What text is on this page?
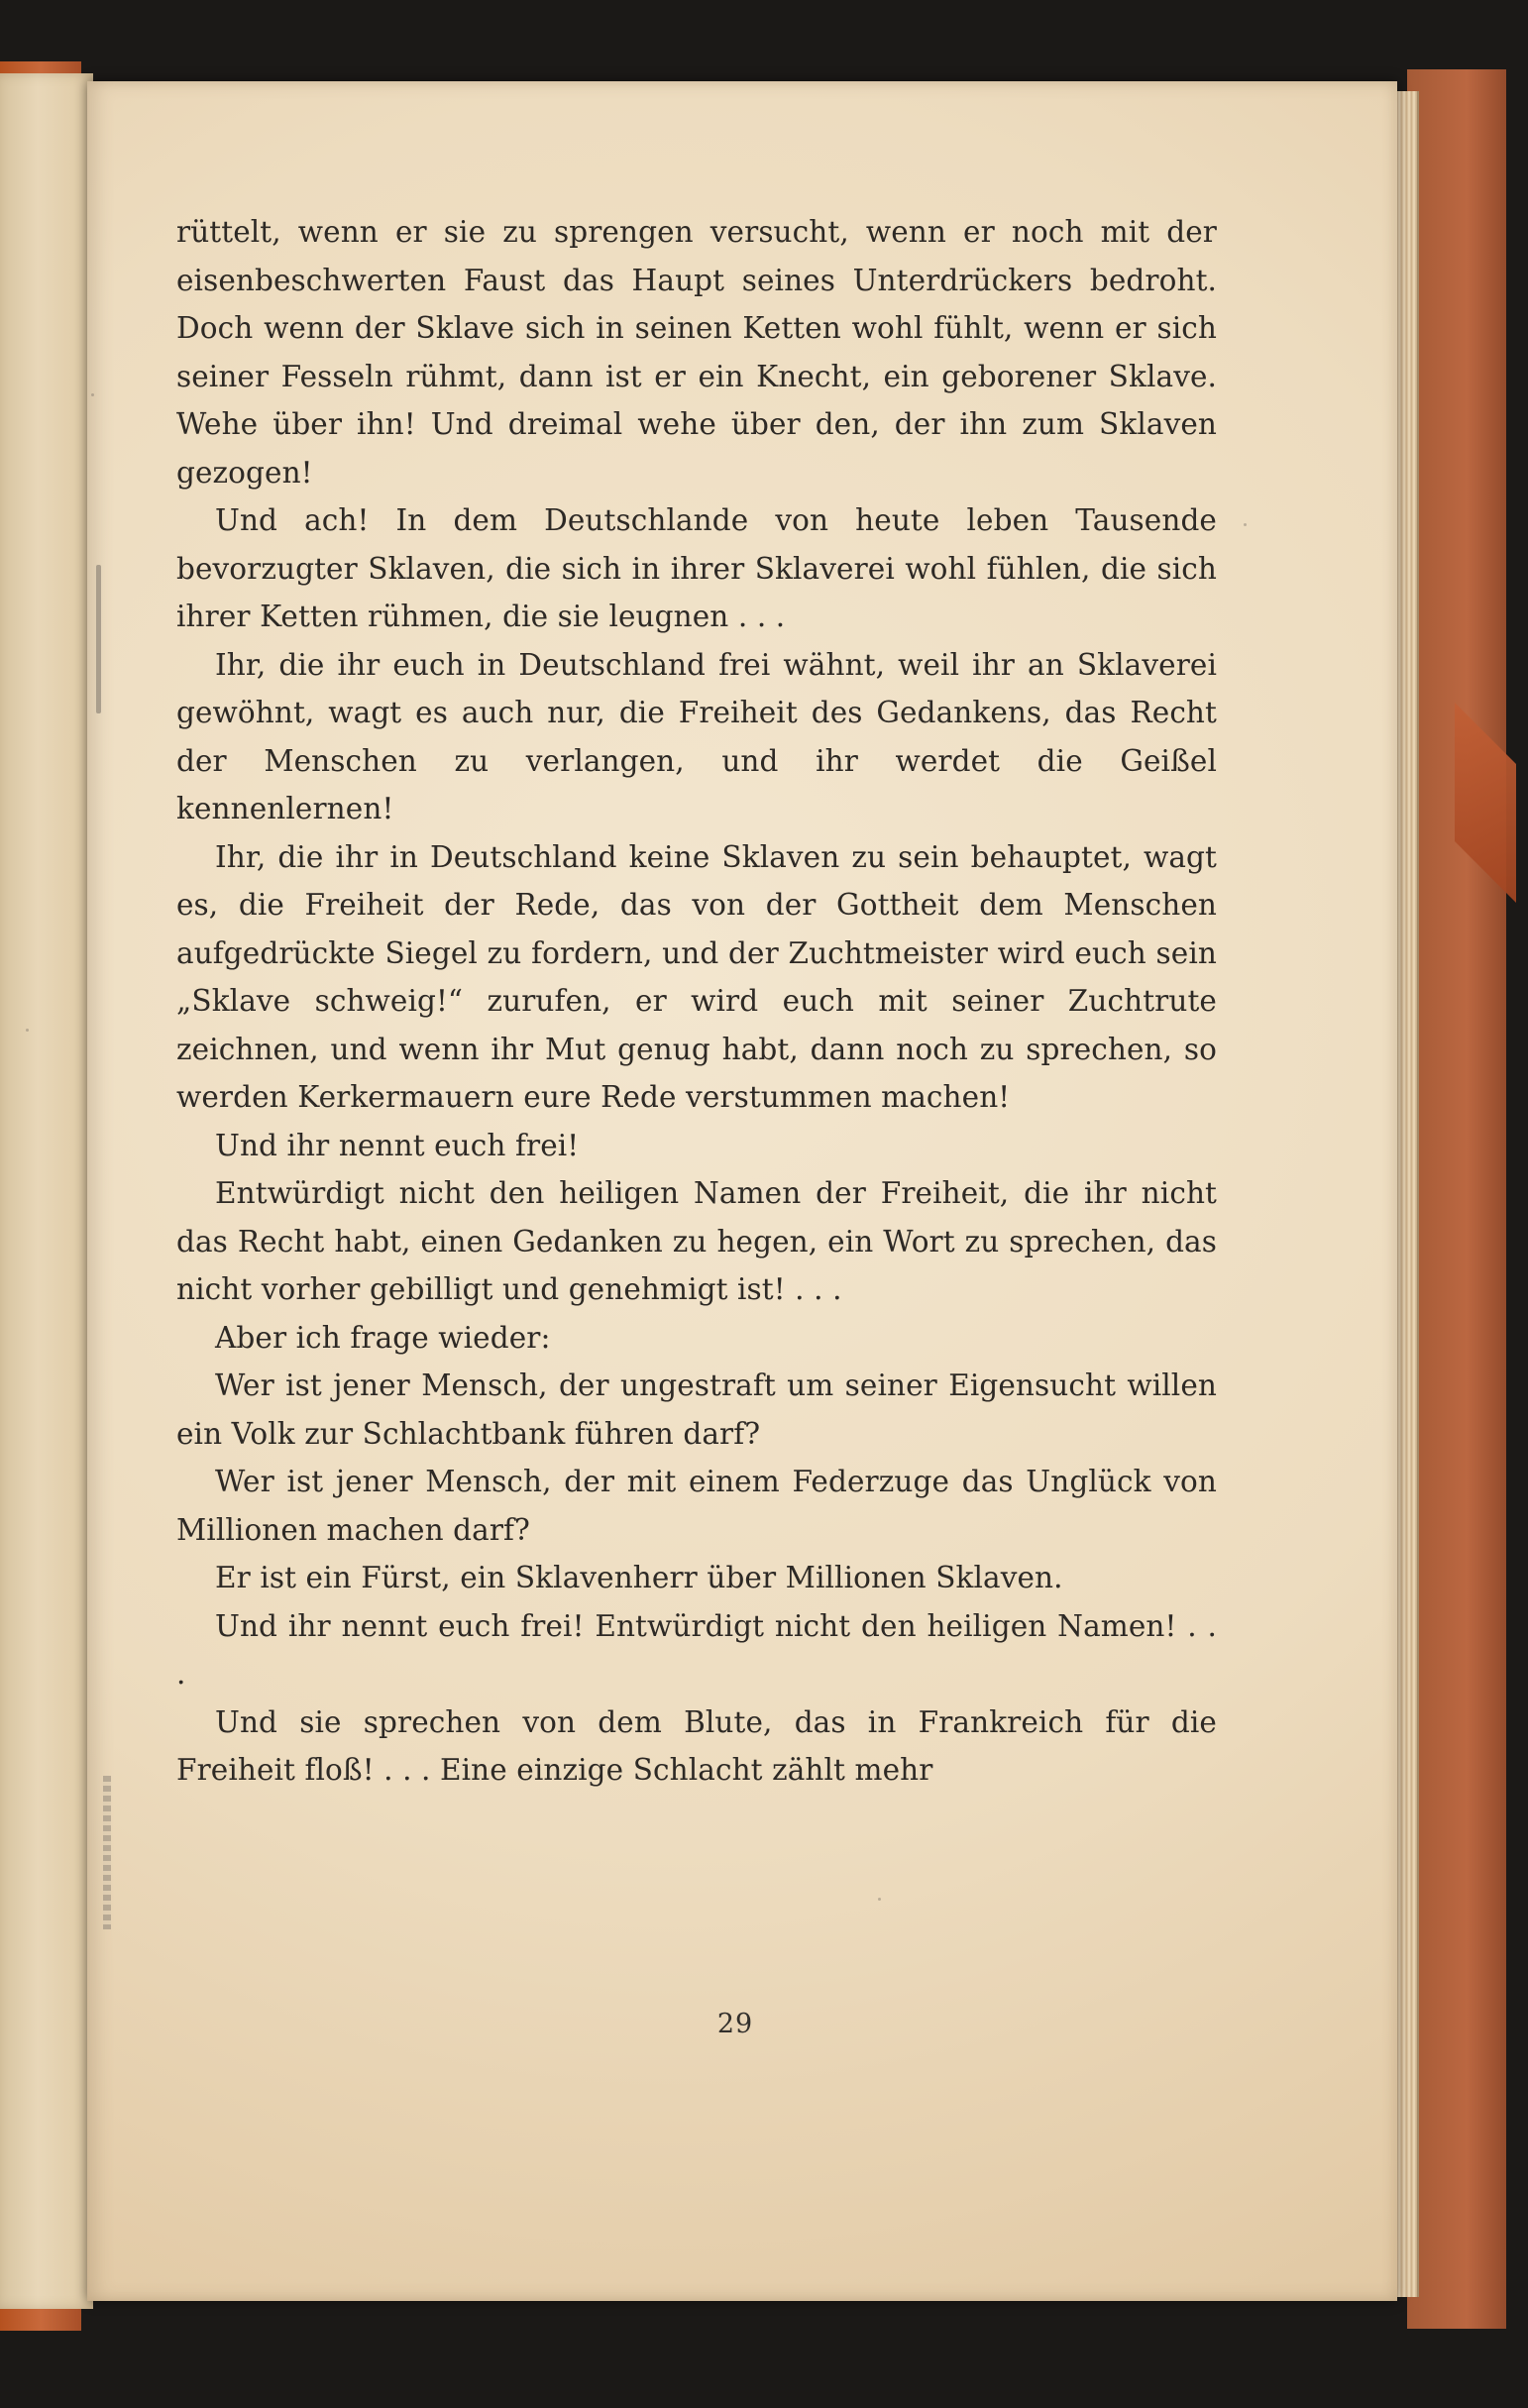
rüttelt, wenn er sie zu sprengen versucht, wenn er noch mit der eisenbeschwerten Faust das Haupt seines Unterdrückers bedroht. Doch wenn der Sklave sich in seinen Ketten wohl fühlt, wenn er sich seiner Fesseln rühmt, dann ist er ein Knecht, ein geborener Sklave. Wehe über ihn! Und dreimal wehe über den, der ihn zum Sklaven gezogen!

Und ach! In dem Deutschlande von heute leben Tausende bevorzugter Sklaven, die sich in ihrer Sklaverei wohl fühlen, die sich ihrer Ketten rühmen, die sie leugnen . . .

Ihr, die ihr euch in Deutschland frei wähnt, weil ihr an Sklaverei gewöhnt, wagt es auch nur, die Freiheit des Gedankens, das Recht der Menschen zu verlangen, und ihr werdet die Geißel kennenlernen!

Ihr, die ihr in Deutschland keine Sklaven zu sein behauptet, wagt es, die Freiheit der Rede, das von der Gottheit dem Menschen aufgedrückte Siegel zu fordern, und der Zuchtmeister wird euch sein „Sklave schweig!“ zurufen, er wird euch mit seiner Zuchtrute zeichnen, und wenn ihr Mut genug habt, dann noch zu sprechen, so werden Kerkermauern eure Rede verstummen machen!

Und ihr nennt euch frei!

Entwürdigt nicht den heiligen Namen der Freiheit, die ihr nicht das Recht habt, einen Gedanken zu hegen, ein Wort zu sprechen, das nicht vorher gebilligt und genehmigt ist! . . .

Aber ich frage wieder:

Wer ist jener Mensch, der ungestraft um seiner Eigensucht willen ein Volk zur Schlachtbank führen darf?

Wer ist jener Mensch, der mit einem Federzuge das Unglück von Millionen machen darf?

Er ist ein Fürst, ein Sklavenherr über Millionen Sklaven.

Und ihr nennt euch frei! Entwürdigt nicht den heiligen Namen! . . .

Und sie sprechen von dem Blute, das in Frankreich für die Freiheit floß! . . . Eine einzige Schlacht zählt mehr

29
